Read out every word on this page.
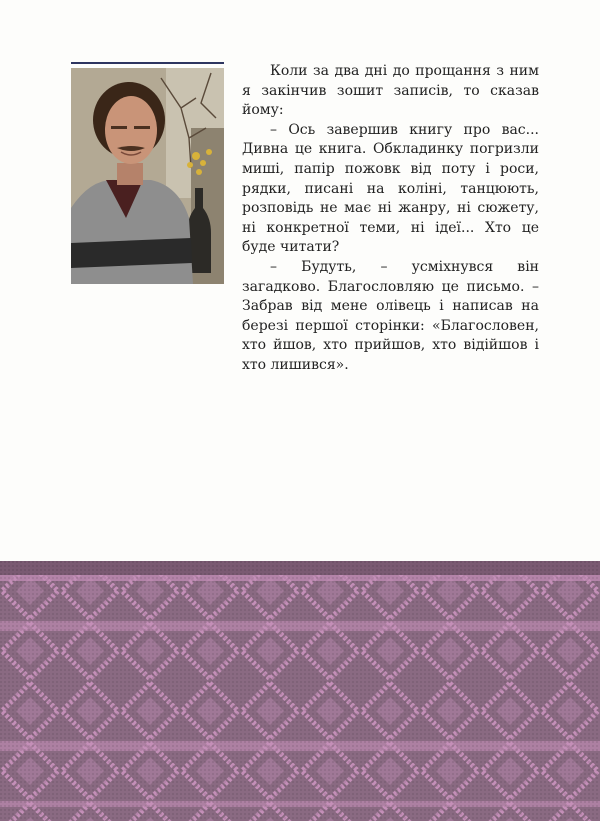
Коли за два дні до прощання з ним я закінчив зошит записів, то сказав йому:

– Ось завершив книгу про вас... Дивна це книга. Обкладинку погризли миші, папір пожовк від поту і роси, рядки, писані на коліні, танцюють, розповідь не має ні жанру, ні сюжету, ні конкретної теми, ні ідеї... Хто це буде читати?

– Будуть, – усміхнувся він загадково. Благословляю це письмо. – Забрав від мене олівець і написав на березі першої сторінки: «Благословен, хто йшов, хто прийшов, хто відійшов і хто лишився».
